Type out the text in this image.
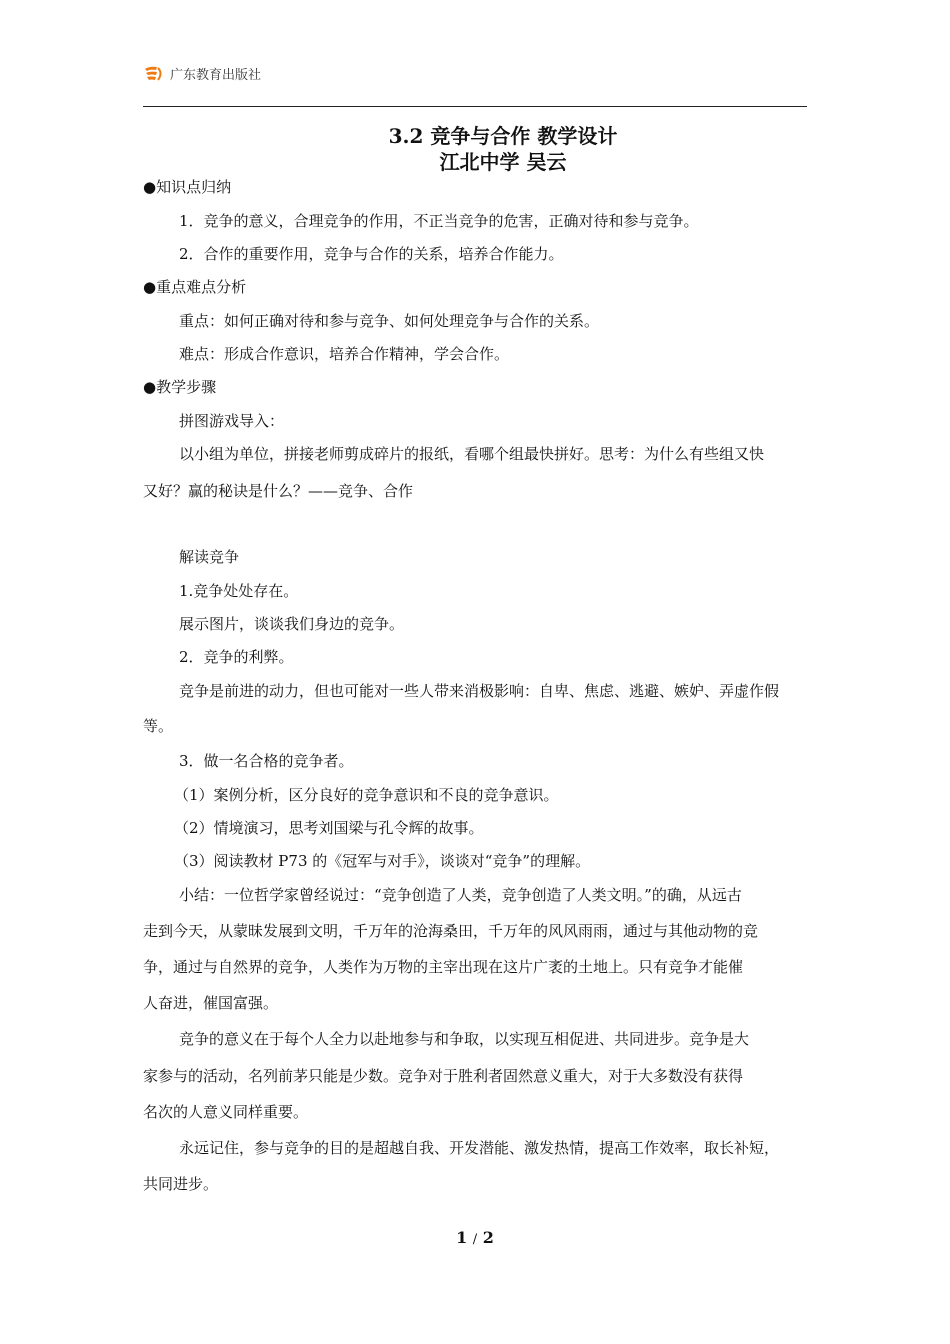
广东教育出版社
3.2 竞争与合作 教学设计
江北中学 吴云
●知识点归纳
1．竞争的意义，合理竞争的作用，不正当竞争的危害，正确对待和参与竞争。
2．合作的重要作用，竞争与合作的关系，培养合作能力。
●重点难点分析
重点：如何正确对待和参与竞争、如何处理竞争与合作的关系。
难点：形成合作意识，培养合作精神，学会合作。
●教学步骤
拼图游戏导入：
以小组为单位，拼接老师剪成碎片的报纸，看哪个组最快拼好。思考：为什么有些组又快
又好？赢的秘诀是什么？——竞争、合作
解读竞争
1.竞争处处存在。
展示图片，谈谈我们身边的竞争。
2．竞争的利弊。
竞争是前进的动力，但也可能对一些人带来消极影响：自卑、焦虑、逃避、嫉妒、弄虚作假
等。
3．做一名合格的竞争者。
（1）案例分析，区分良好的竞争意识和不良的竞争意识。
（2）情境演习，思考刘国梁与孔令辉的故事。
（3）阅读教材 P73 的《冠军与对手》，谈谈对“竞争”的理解。
小结：一位哲学家曾经说过：“竞争创造了人类，竞争创造了人类文明。”的确，从远古
走到今天，从蒙昧发展到文明，千万年的沧海桑田，千万年的风风雨雨，通过与其他动物的竞
争，通过与自然界的竞争，人类作为万物的主宰出现在这片广袤的土地上。只有竞争才能催
人奋进，催国富强。
竞争的意义在于每个人全力以赴地参与和争取，以实现互相促进、共同进步。竞争是大
家参与的活动，名列前茅只能是少数。竞争对于胜利者固然意义重大，对于大多数没有获得
名次的人意义同样重要。
永远记住，参与竞争的目的是超越自我、开发潜能、激发热情，提高工作效率，取长补短，
共同进步。
1 / 2
